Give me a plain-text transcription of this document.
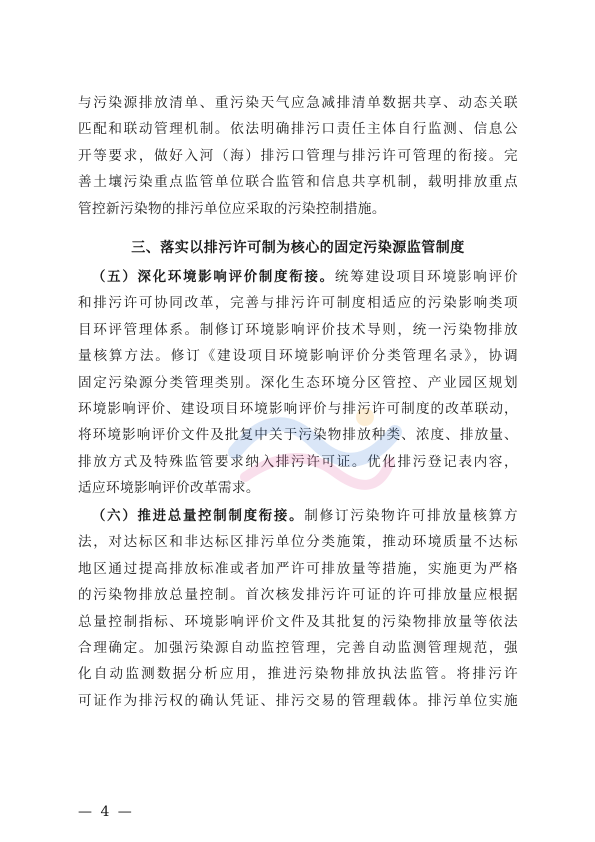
与污染源排放清单、重污染天气应急减排清单数据共享、动态关联
匹配和联动管理机制。依法明确排污口责任主体自行监测、信息公
开等要求，做好入河（海）排污口管理与排污许可管理的衔接。完
善土壤污染重点监管单位联合监管和信息共享机制，载明排放重点
管控新污染物的排污单位应采取的污染控制措施。
三、落实以排污许可制为核心的固定污染源监管制度
（五）深化环境影响评价制度衔接。统筹建设项目环境影响评价
和排污许可协同改革，完善与排污许可制度相适应的污染影响类项
目环评管理体系。制修订环境影响评价技术导则，统一污染物排放
量核算方法。修订《建设项目环境影响评价分类管理名录》，协调
固定污染源分类管理类别。深化生态环境分区管控、产业园区规划
环境影响评价、建设项目环境影响评价与排污许可制度的改革联动，
将环境影响评价文件及批复中关于污染物排放种类、浓度、排放量、
排放方式及特殊监管要求纳入排污许可证。优化排污登记表内容，
适应环境影响评价改革需求。
（六）推进总量控制制度衔接。制修订污染物许可排放量核算方
法，对达标区和非达标区排污单位分类施策，推动环境质量不达标
地区通过提高排放标准或者加严许可排放量等措施，实施更为严格
的污染物排放总量控制。首次核发排污许可证的许可排放量应根据
总量控制指标、环境影响评价文件及其批复的污染物排放量等依法
合理确定。加强污染源自动监控管理，完善自动监测管理规范，强
化自动监测数据分析应用，推进污染物排放执法监管。将排污许
可证作为排污权的确认凭证、排污交易的管理载体。排污单位实施
— 4 —
